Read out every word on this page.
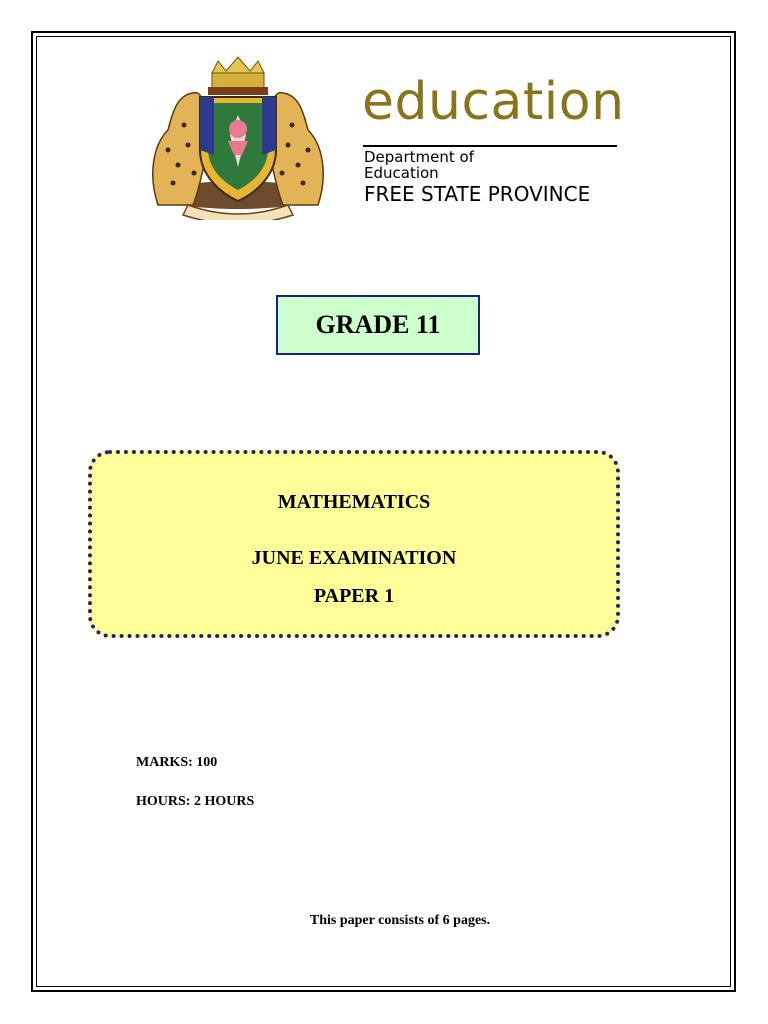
education
Department of
Education
FREE STATE PROVINCE
GRADE 11
MATHEMATICS
JUNE EXAMINATION
PAPER 1
MARKS: 100
HOURS: 2 HOURS
This paper consists of 6 pages.
